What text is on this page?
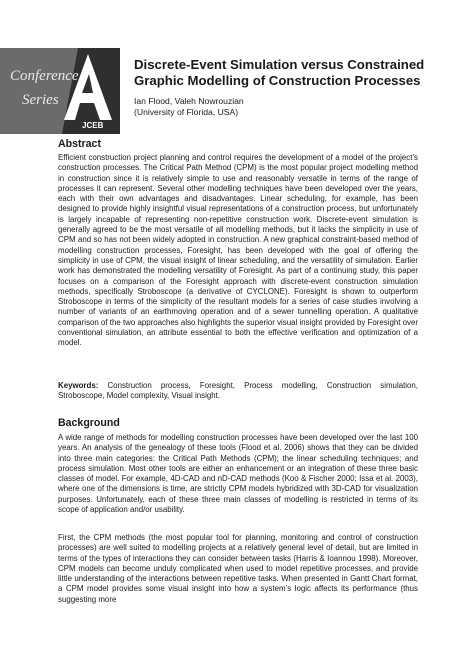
Conference
Series
JCEB
Discrete-Event Simulation versus Constrained Graphic Modelling of Construction Processes
Ian Flood, Valeh Nowrouzian
(University of Florida, USA)
Abstract

Efficient construction project planning and control requires the development of a model of the project’s construction processes. The Critical Path Method (CPM) is the most popular project modelling method in construction since it is relatively simple to use and reasonably versatile in terms of the range of processes it can represent. Several other modelling techniques have been developed over the years, each with their own advantages and disadvantages. Linear scheduling, for example, has been designed to provide highly insightful visual representations of a construction process, but unfortunately is largely incapable of representing non-repetitive construction work. Discrete-event simulation is generally agreed to be the most versatile of all modelling methods, but it lacks the simplicity in use of CPM and so has not been widely adopted in construction. A new graphical constraint-based method of modelling construction processes, Foresight, has been developed with the goal of offering the simplicity in use of CPM, the visual insight of linear scheduling, and the versatility of simulation. Earlier work has demonstrated the modelling versatility of Foresight. As part of a continuing study, this paper focuses on a comparison of the Foresight approach with discrete-event construction simulation methods, specifically Stroboscope (a derivative of CYCLONE). Foresight is shown to outperform Stroboscope in terms of the simplicity of the resultant models for a series of case studies involving a number of variants of an earthmoving operation and of a sewer tunnelling operation. A qualitative comparison of the two approaches also highlights the superior visual insight provided by Foresight over conventional simulation, an attribute essential to both the effective verification and optimization of a model.

Keywords: Construction process, Foresight, Process modelling, Construction simulation, Stroboscope, Model complexity, Visual insight.

Background

A wide range of methods for modelling construction processes have been developed over the last 100 years. An analysis of the genealogy of these tools (Flood et al. 2006) shows that they can be divided into three main categories: the Critical Path Methods (CPM); the linear scheduling techniques; and process simulation. Most other tools are either an enhancement or an integration of these three basic classes of model. For example, 4D-CAD and nD-CAD methods (Koo & Fischer 2000; Issa et al. 2003), where one of the dimensions is time, are strictly CPM models hybridized with 3D-CAD for visualization purposes. Unfortunately, each of these three main classes of modelling is restricted in terms of its scope of application and/or usability.

First, the CPM methods (the most popular tool for planning, monitoring and control of construction processes) are well suited to modelling projects at a relatively general level of detail, but are limited in terms of the types of interactions they can consider between tasks (Harris & Ioannou 1998). Moreover, CPM models can become unduly complicated when used to model repetitive processes, and provide little understanding of the interactions between repetitive tasks. When presented in Gantt Chart format, a CPM model provides some visual insight into how a system’s logic affects its performance (thus suggesting more
